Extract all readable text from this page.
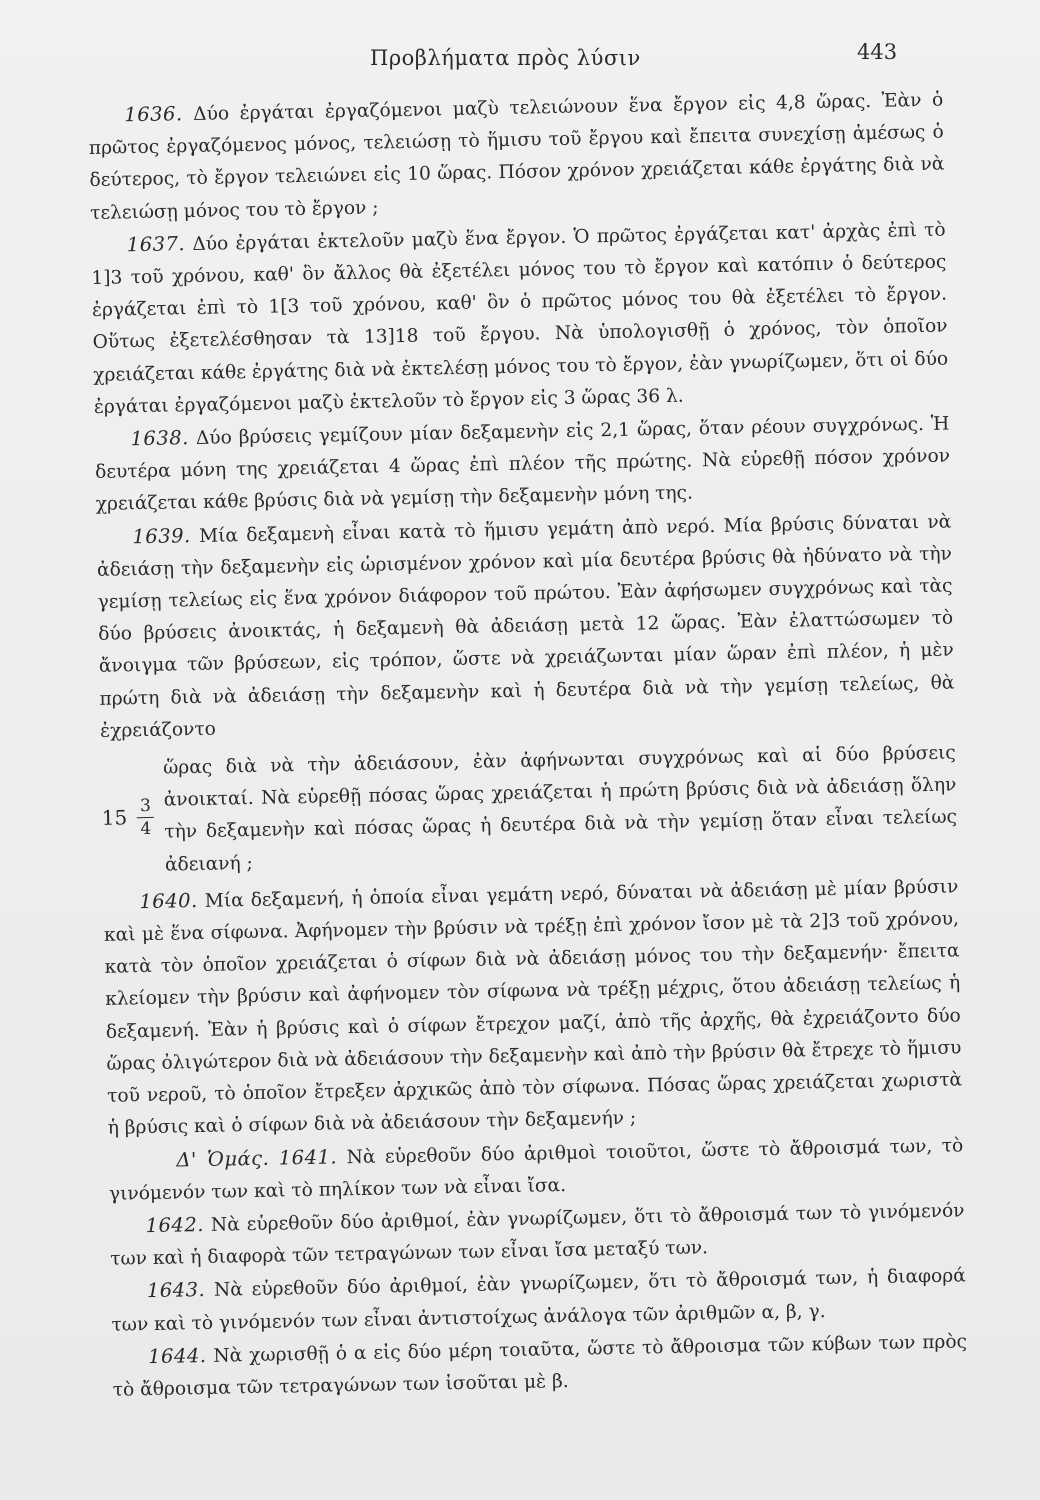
Προβλήματα πρὸς λύσιν	443

1636. Δύο ἐργάται ἐργαζόμενοι μαζὺ τελειώνουν ἕνα ἔργον εἰς 4,8 ὥρας. Ἐὰν ὁ πρῶτος ἐργαζόμενος μόνος, τελειώσῃ τὸ ἥμισυ τοῦ ἔργου καὶ ἔπειτα συνεχίσῃ ἀμέσως ὁ δεύτερος, τὸ ἔργον τελειώνει εἰς 10 ὥρας. Πόσον χρόνον χρειάζεται κάθε ἐργάτης διὰ νὰ τελειώσῃ μόνος του τὸ ἔργον ;

1637. Δύο ἐργάται ἐκτελοῦν μαζὺ ἕνα ἔργον. Ὁ πρῶτος ἐργάζεται κατ' ἀρχὰς ἐπὶ τὸ 1]3 τοῦ χρόνου, καθ' ὃν ἄλλος θὰ ἐξετέλει μόνος του τὸ ἔργον καὶ κατόπιν ὁ δεύτερος ἐργάζεται ἐπὶ τὸ 1[3 τοῦ χρόνου, καθ' ὃν ὁ πρῶτος μόνος του θὰ ἐξετέλει τὸ ἔργον. Οὕτως ἐξετελέσθησαν τὰ 13]18 τοῦ ἔργου. Νὰ ὑπολογισθῇ ὁ χρόνος, τὸν ὁποῖον χρειάζεται κάθε ἐργάτης διὰ νὰ ἐκτελέσῃ μόνος του τὸ ἔργον, ἐὰν γνωρίζωμεν, ὅτι οἱ δύο ἐργάται ἐργαζόμενοι μαζὺ ἐκτελοῦν τὸ ἔργον εἰς 3 ὥρας 36 λ.

1638. Δύο βρύσεις γεμίζουν μίαν δεξαμενὴν εἰς 2,1 ὥρας, ὅταν ρέουν συγχρόνως. Ἡ δευτέρα μόνη της χρειάζεται 4 ὥρας ἐπὶ πλέον τῆς πρώτης. Νὰ εὑρεθῇ πόσον χρόνον χρειάζεται κάθε βρύσις διὰ νὰ γεμίσῃ τὴν δεξαμενὴν μόνη της.

1639. Μία δεξαμενὴ εἶναι κατὰ τὸ ἥμισυ γεμάτη ἀπὸ νερό. Μία βρύσις δύναται νὰ ἀδειάσῃ τὴν δεξαμενὴν εἰς ὡρισμένον χρόνον καὶ μία δευτέρα βρύσις θὰ ἠδύνατο νὰ τὴν γεμίσῃ τελείως εἰς ἕνα χρόνον διάφορον τοῦ πρώτου. Ἐὰν ἀφήσωμεν συγχρόνως καὶ τὰς δύο βρύσεις ἀνοικτάς, ἡ δεξαμενὴ θὰ ἀδειάσῃ μετὰ 12 ὥρας. Ἐὰν ἐλαττώσωμεν τὸ ἄνοιγμα τῶν βρύσεων, εἰς τρόπον, ὥστε νὰ χρειάζωνται μίαν ὥραν ἐπὶ πλέον, ἡ μὲν πρώτη διὰ νὰ ἀδειάσῃ τὴν δεξαμενὴν καὶ ἡ δευτέρα διὰ νὰ τὴν γεμίσῃ τελείως, θὰ ἐχρειάζοντο

$15 \frac{3}{4}$
ὥρας διὰ νὰ τὴν ἀδειάσουν, ἐὰν ἀφήνωνται συγχρόνως καὶ αἱ δύο βρύσεις ἀνοικταί. Νὰ εὑρεθῇ πόσας ὥρας χρειάζεται ἡ πρώτη βρύσις διὰ νὰ ἀδειάσῃ ὅλην τὴν δεξαμενὴν καὶ πόσας ὥρας ἡ δευτέρα διὰ νὰ τὴν γεμίσῃ ὅταν εἶναι τελείως ἀδειανή ;

1640. Μία δεξαμενή, ἡ ὁποία εἶναι γεμάτη νερό, δύναται νὰ ἀδειάσῃ μὲ μίαν βρύσιν καὶ μὲ ἕνα σίφωνα. Ἀφήνομεν τὴν βρύσιν νὰ τρέξῃ ἐπὶ χρόνον ἴσον μὲ τὰ 2]3 τοῦ χρόνου, κατὰ τὸν ὁποῖον χρειάζεται ὁ σίφων διὰ νὰ ἀδειάσῃ μόνος του τὴν δεξαμενήν· ἔπειτα κλείομεν τὴν βρύσιν καὶ ἀφήνομεν τὸν σίφωνα νὰ τρέξῃ μέχρις, ὅτου ἀδειάσῃ τελείως ἡ δεξαμενή. Ἐὰν ἡ βρύσις καὶ ὁ σίφων ἔτρεχον μαζί, ἀπὸ τῆς ἀρχῆς, θὰ ἐχρειάζοντο δύο ὥρας ὀλιγώτερον διὰ νὰ ἀδειάσουν τὴν δεξαμενὴν καὶ ἀπὸ τὴν βρύσιν θὰ ἔτρεχε τὸ ἥμισυ τοῦ νεροῦ, τὸ ὁποῖον ἔτρεξεν ἀρχικῶς ἀπὸ τὸν σίφωνα. Πόσας ὥρας χρειάζεται χωριστὰ ἡ βρύσις καὶ ὁ σίφων διὰ νὰ ἀδειάσουν τὴν δεξαμενήν ;

Δ' Ὁμάς. 1641. Νὰ εὑρεθοῦν δύο ἀριθμοὶ τοιοῦτοι, ὥστε τὸ ἄθροισμά των, τὸ γινόμενόν των καὶ τὸ πηλίκον των νὰ εἶναι ἴσα.

1642. Νὰ εὑρεθοῦν δύο ἀριθμοί, ἐὰν γνωρίζωμεν, ὅτι τὸ ἄθροισμά των τὸ γινόμενόν των καὶ ἡ διαφορὰ τῶν τετραγώνων των εἶναι ἴσα μεταξύ των.

1643. Νὰ εὑρεθοῦν δύο ἀριθμοί, ἐὰν γνωρίζωμεν, ὅτι τὸ ἄθροισμά των, ἡ διαφορά των καὶ τὸ γινόμενόν των εἶναι ἀντιστοίχως ἀνάλογα τῶν ἀριθμῶν α, β, γ.

1644. Νὰ χωρισθῇ ὁ α εἰς δύο μέρη τοιαῦτα, ὥστε τὸ ἄθροισμα τῶν κύβων των πρὸς τὸ ἄθροισμα τῶν τετραγώνων των ἰσοῦται μὲ β.
